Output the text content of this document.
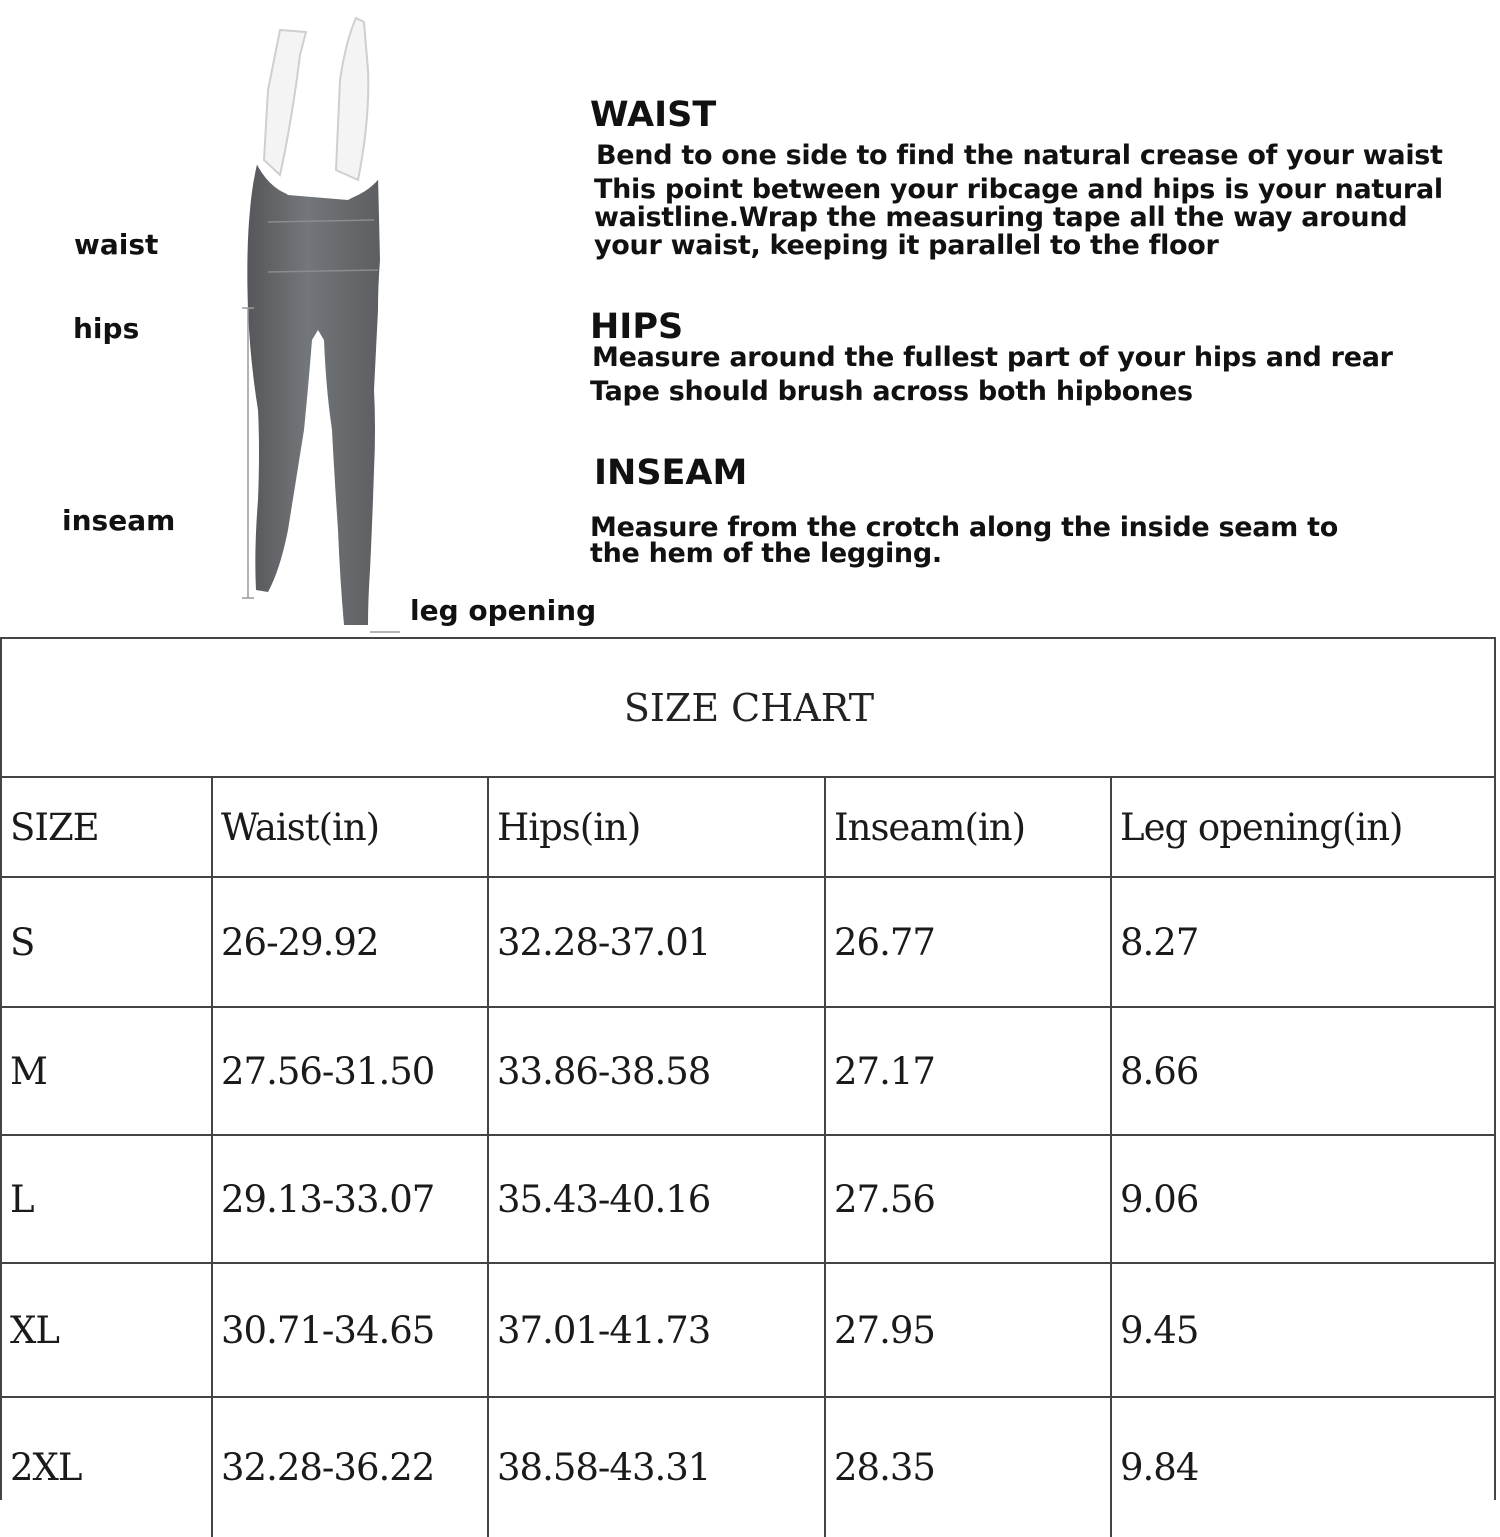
waist
hips
inseam
leg opening
WAIST
Bend to one side to find the natural crease of your waist
This point between your ribcage and hips is your natural
waistline.Wrap the measuring tape all the way around
your waist, keeping it parallel to the floor
HIPS
Measure around the fullest part of your hips and rear
Tape should brush across both hipbones
INSEAM
Measure from the crotch along the inside seam to
the hem of the legging.
SIZE CHART
SIZE	Waist(in)	Hips(in)	Inseam(in)	Leg opening(in)
S	26-29.92	32.28-37.01	26.77	8.27
M	27.56-31.50	33.86-38.58	27.17	8.66
L	29.13-33.07	35.43-40.16	27.56	9.06
XL	30.71-34.65	37.01-41.73	27.95	9.45
2XL	32.28-36.22	38.58-43.31	28.35	9.84
